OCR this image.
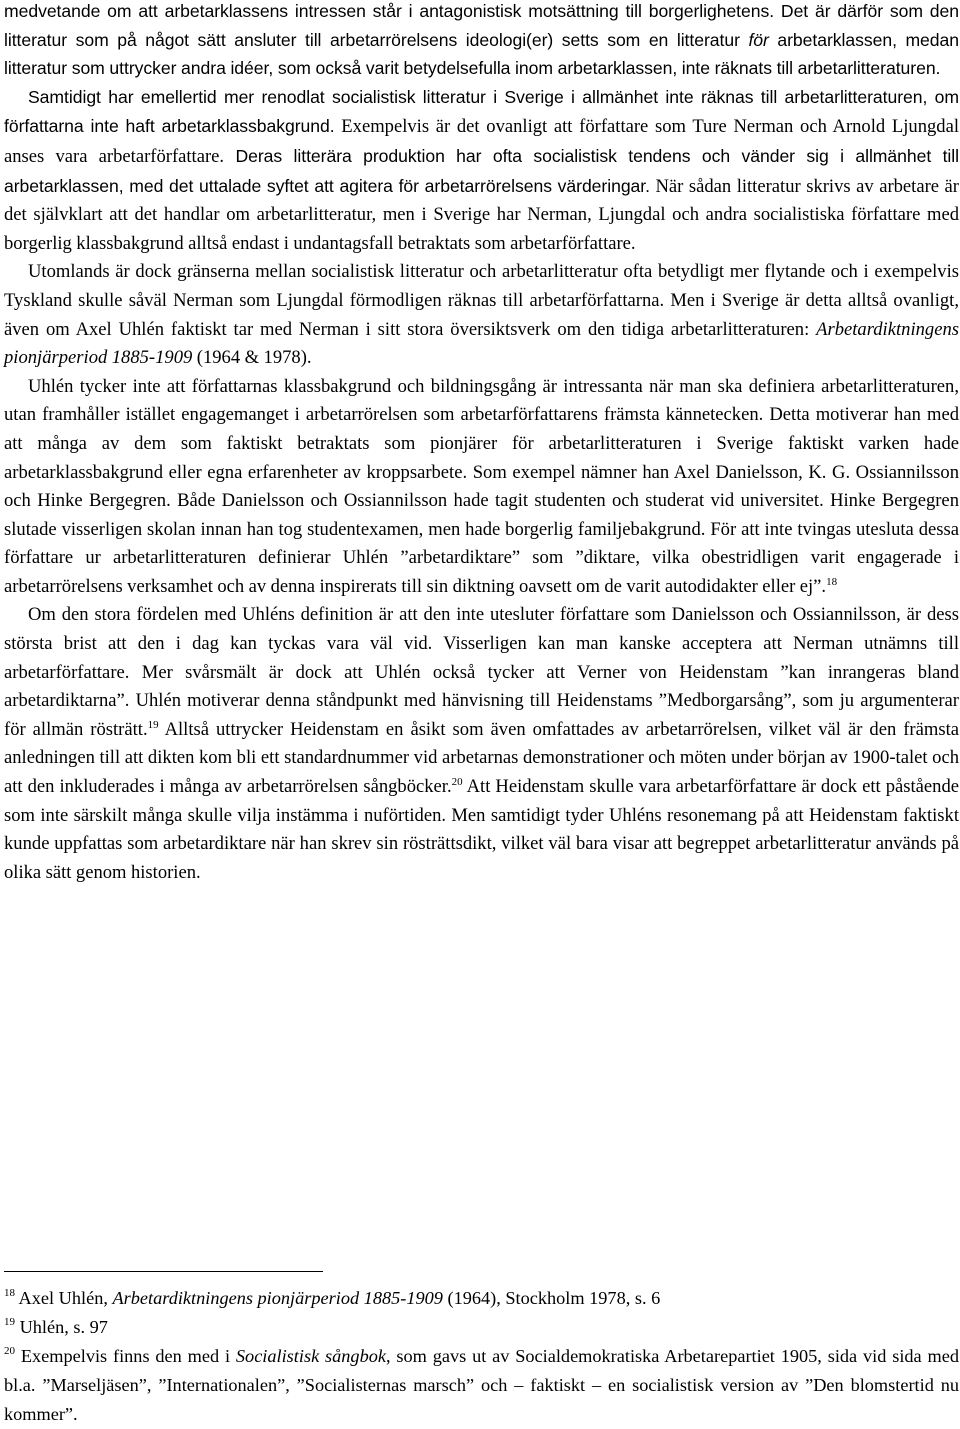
medvetande om att arbetarklassens intressen står i antagonistisk motsättning till borgerlighetens. Det är därför som den litteratur som på något sätt ansluter till arbetarrörelsens ideologi(er) setts som en litteratur för arbetarklassen, medan litteratur som uttrycker andra idéer, som också varit betydelsefulla inom arbetarklassen, inte räknats till arbetarlitteraturen.

Samtidigt har emellertid mer renodlat socialistisk litteratur i Sverige i allmänhet inte räknas till arbetarlitteraturen, om författarna inte haft arbetarklassbakgrund. Exempelvis är det ovanligt att författare som Ture Nerman och Arnold Ljungdal anses vara arbetarförfattare. Deras litterära produktion har ofta socialistisk tendens och vänder sig i allmänhet till arbetarklassen, med det uttalade syftet att agitera för arbetarrörelsens värderingar. När sådan litteratur skrivs av arbetare är det självklart att det handlar om arbetarlitteratur, men i Sverige har Nerman, Ljungdal och andra socialistiska författare med borgerlig klassbakgrund alltså endast i undantagsfall betraktats som arbetarförfattare.

Utomlands är dock gränserna mellan socialistisk litteratur och arbetarlitteratur ofta betydligt mer flytande och i exempelvis Tyskland skulle såväl Nerman som Ljungdal förmodligen räknas till arbetarförfattarna. Men i Sverige är detta alltså ovanligt, även om Axel Uhlén faktiskt tar med Nerman i sitt stora översiktsverk om den tidiga arbetarlitteraturen: Arbetardiktningens pionjärperiod 1885-1909 (1964 & 1978).

Uhlén tycker inte att författarnas klassbakgrund och bildningsgång är intressanta när man ska definiera arbetarlitteraturen, utan framhåller istället engagemanget i arbetarrörelsen som arbetarförfattarens främsta kännetecken. Detta motiverar han med att många av dem som faktiskt betraktats som pionjärer för arbetarlitteraturen i Sverige faktiskt varken hade arbetarklassbakgrund eller egna erfarenheter av kroppsarbete. Som exempel nämner han Axel Danielsson, K. G. Ossiannilsson och Hinke Bergegren. Både Danielsson och Ossiannilsson hade tagit studenten och studerat vid universitet. Hinke Bergegren slutade visserligen skolan innan han tog studentexamen, men hade borgerlig familjebakgrund. För att inte tvingas utesluta dessa författare ur arbetarlitteraturen definierar Uhlén ”arbetardiktare” som ”diktare, vilka obestridligen varit engagerade i arbetarrörelsens verksamhet och av denna inspirerats till sin diktning oavsett om de varit autodidakter eller ej”.$^{18}$

Om den stora fördelen med Uhléns definition är att den inte utesluter författare som Danielsson och Ossiannilsson, är dess största brist att den i dag kan tyckas vara väl vid. Visserligen kan man kanske acceptera att Nerman utnämns till arbetarförfattare. Mer svårsmält är dock att Uhlén också tycker att Verner von Heidenstam ”kan inrangeras bland arbetardiktarna”. Uhlén motiverar denna ståndpunkt med hänvisning till Heidenstams ”Medborgarsång”, som ju argumenterar för allmän rösträtt.$^{19}$ Alltså uttrycker Heidenstam en åsikt som även omfattades av arbetarrörelsen, vilket väl är den främsta anledningen till att dikten kom bli ett standardnummer vid arbetarnas demonstrationer och möten under början av 1900-talet och att den inkluderades i många av arbetarrörelsen sångböcker.$^{20}$ Att Heidenstam skulle vara arbetarförfattare är dock ett påstående som inte särskilt många skulle vilja instämma i nuförtiden. Men samtidigt tyder Uhléns resonemang på att Heidenstam faktiskt kunde uppfattas som arbetardiktare när han skrev sin rösträttsdikt, vilket väl bara visar att begreppet arbetarlitteratur används på olika sätt genom historien.

$^{18}$ Axel Uhlén, Arbetardiktningens pionjärperiod 1885-1909 (1964), Stockholm 1978, s. 6

$^{19}$ Uhlén, s. 97

$^{20}$ Exempelvis finns den med i Socialistisk sångbok, som gavs ut av Socialdemokratiska Arbetarepartiet 1905, sida vid sida med bl.a. ”Marseljäsen”, ”Internationalen”, ”Socialisternas marsch” och – faktiskt – en socialistisk version av ”Den blomstertid nu kommer”.
